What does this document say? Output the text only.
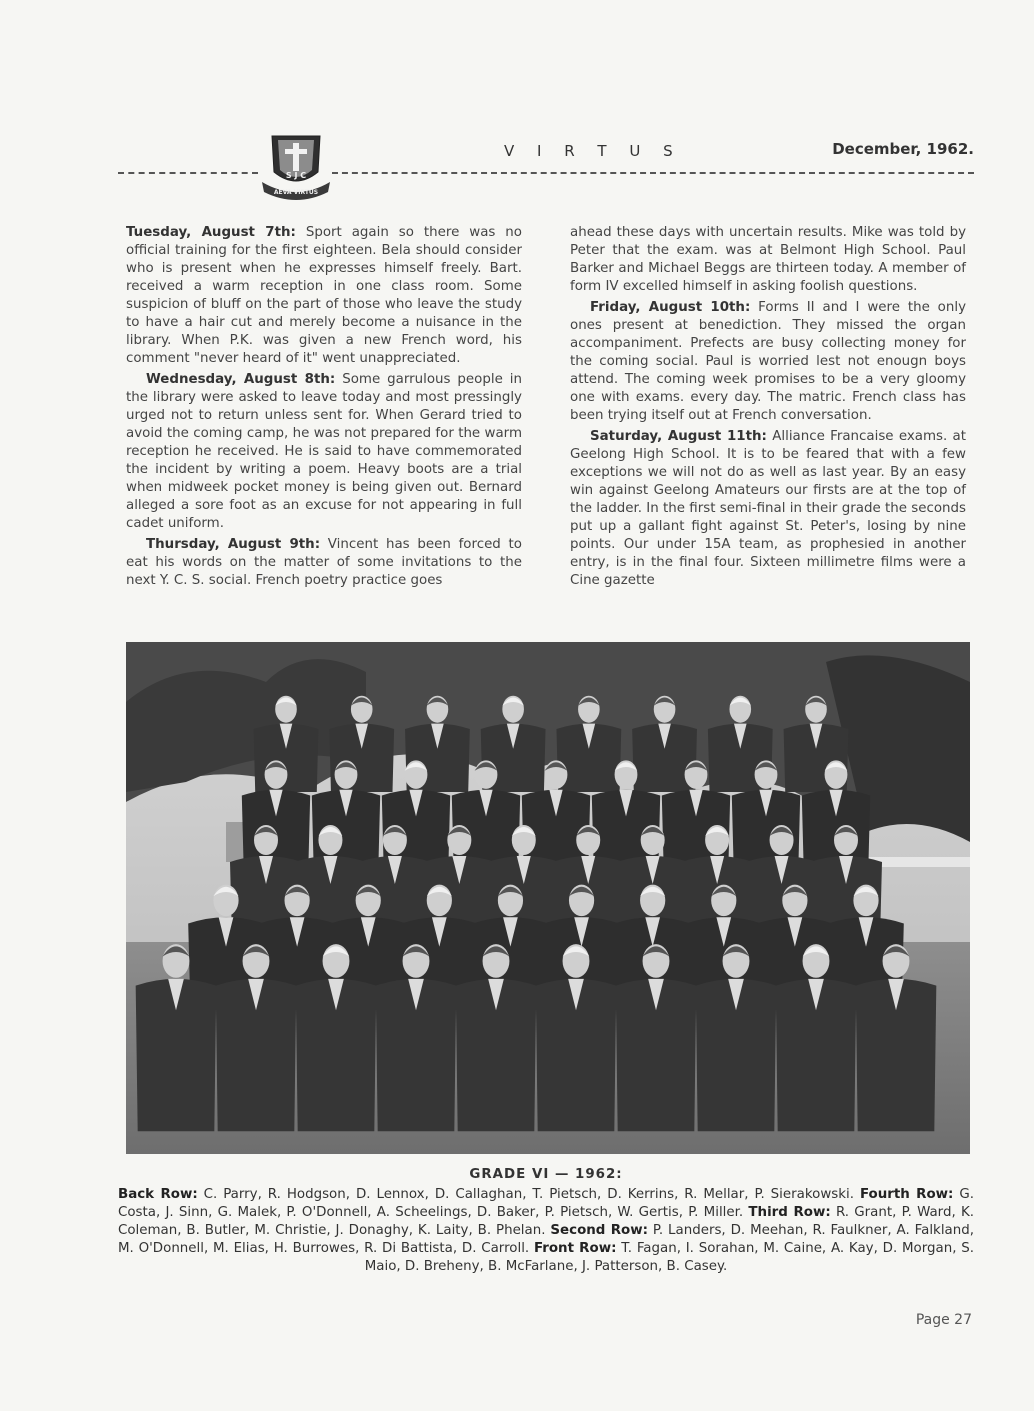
S J C
AEVA VIRTUS
V I R T U S	December, 1962.

Tuesday, August 7th: Sport again so there was no official training for the first eighteen. Bela should consider who is present when he expresses himself freely. Bart. received a warm reception in one class room. Some suspicion of bluff on the part of those who leave the study to have a hair cut and merely become a nuisance in the library. When P.K. was given a new French word, his comment "never heard of it" went unappreciated.

Wednesday, August 8th: Some garrulous people in the library were asked to leave today and most pressingly urged not to return unless sent for. When Gerard tried to avoid the coming camp, he was not prepared for the warm reception he received. He is said to have commemorated the incident by writing a poem. Heavy boots are a trial when midweek pocket money is being given out. Bernard alleged a sore foot as an excuse for not appearing in full cadet uniform.

Thursday, August 9th: Vincent has been forced to eat his words on the matter of some invitations to the next Y. C. S. social. French poetry practice goes

ahead these days with uncertain results. Mike was told by Peter that the exam. was at Belmont High School. Paul Barker and Michael Beggs are thirteen today. A member of form IV excelled himself in asking foolish questions.

Friday, August 10th: Forms II and I were the only ones present at benediction. They missed the organ accompaniment. Prefects are busy collecting money for the coming social. Paul is worried lest not enougn boys attend. The coming week promises to be a very gloomy one with exams. every day. The matric. French class has been trying itself out at French conversation.

Saturday, August 11th: Alliance Francaise exams. at Geelong High School. It is to be feared that with a few exceptions we will not do as well as last year. By an easy win against Geelong Amateurs our firsts are at the top of the ladder. In the first semi-final in their grade the seconds put up a gallant fight against St. Peter's, losing by nine points. Our under 15A team, as prophesied in another entry, is in the final four. Sixteen millimetre films were a Cine gazette

GRADE VI — 1962:
Back Row: C. Parry, R. Hodgson, D. Lennox, D. Callaghan, T. Pietsch, D. Kerrins, R. Mellar, P. Sierakowski. Fourth Row: G. Costa, J. Sinn, G. Malek, P. O'Donnell, A. Scheelings, D. Baker, P. Pietsch, W. Gertis, P. Miller. Third Row: R. Grant, P. Ward, K. Coleman, B. Butler, M. Christie, J. Donaghy, K. Laity, B. Phelan. Second Row: P. Landers, D. Meehan, R. Faulkner, A. Falkland, M. O'Donnell, M. Elias, H. Burrowes, R. Di Battista, D. Carroll. Front Row: T. Fagan, I. Sorahan, M. Caine, A. Kay, D. Morgan, S. Maio, D. Breheny, B. McFarlane, J. Patterson, B. Casey.
Page 27
